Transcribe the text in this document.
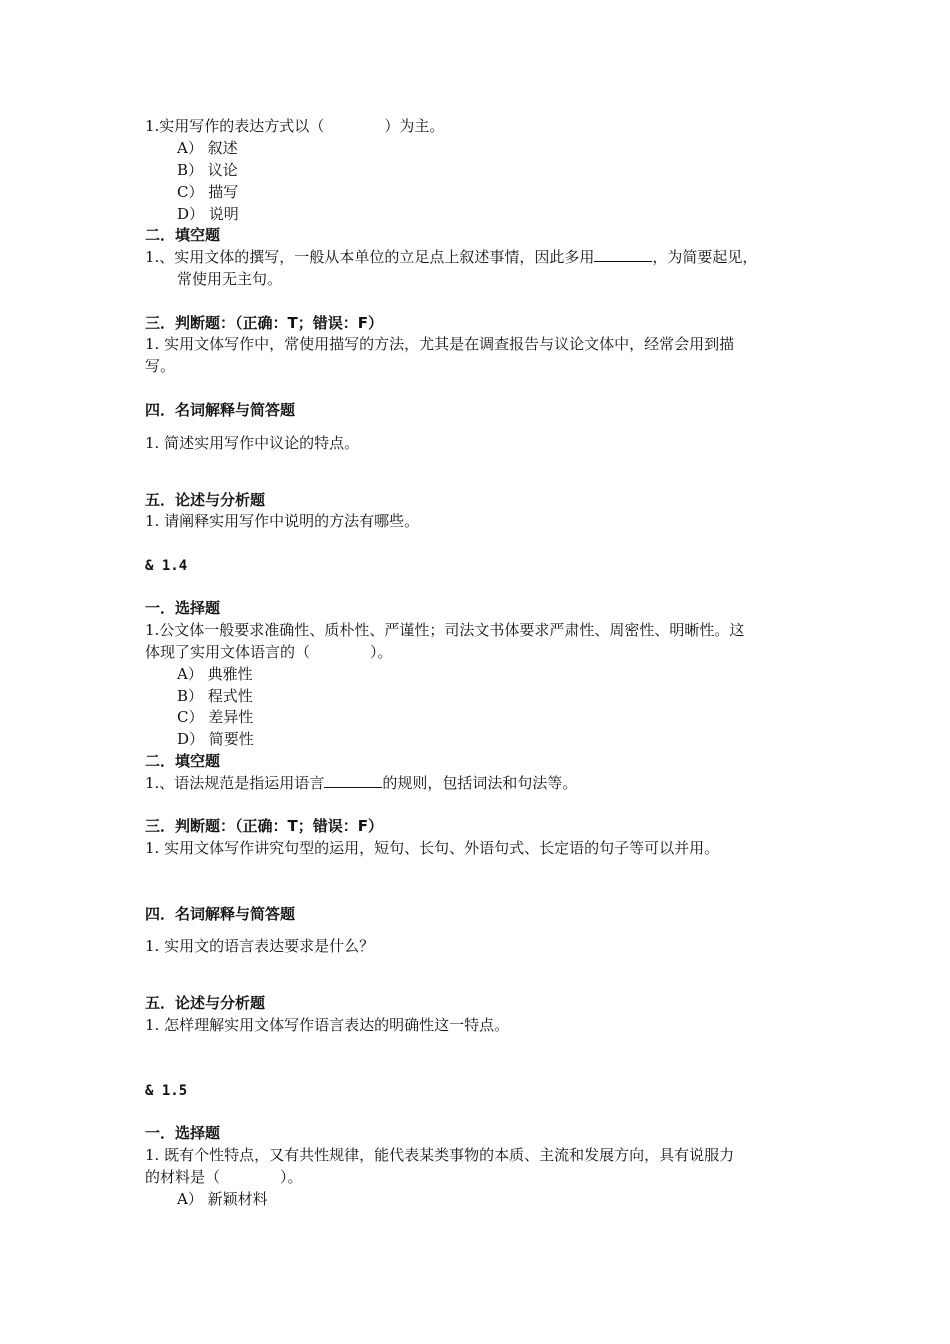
1.实用写作的表达方式以（　　　　）为主。
A） 叙述
B） 议论
C） 描写
D） 说明
二．填空题
1.、实用文体的撰写，一般从本单位的立足点上叙述事情，因此多用	，为简要起见，
常使用无主句。
三．判断题：（正确：T；错误：F）
1. 实用文体写作中，常使用描写的方法，尤其是在调查报告与议论文体中，经常会用到描
写。
四．名词解释与简答题
1. 简述实用写作中议论的特点。
五．论述与分析题
1. 请阐释实用写作中说明的方法有哪些。
& 1.4
一．选择题
1.公文体一般要求准确性、质朴性、严谨性；司法文书体要求严肃性、周密性、明晰性。这
体现了实用文体语言的（　　　　）。
A） 典雅性
B） 程式性
C） 差异性
D） 简要性
二．填空题
1.、语法规范是指运用语言	的规则，包括词法和句法等。
三．判断题：（正确：T；错误：F）
1. 实用文体写作讲究句型的运用，短句、长句、外语句式、长定语的句子等可以并用。
四．名词解释与简答题
1. 实用文的语言表达要求是什么？
五．论述与分析题
1. 怎样理解实用文体写作语言表达的明确性这一特点。
& 1.5
一．选择题
1. 既有个性特点，又有共性规律，能代表某类事物的本质、主流和发展方向，具有说服力
的材料是（　　　　）。
A） 新颖材料
